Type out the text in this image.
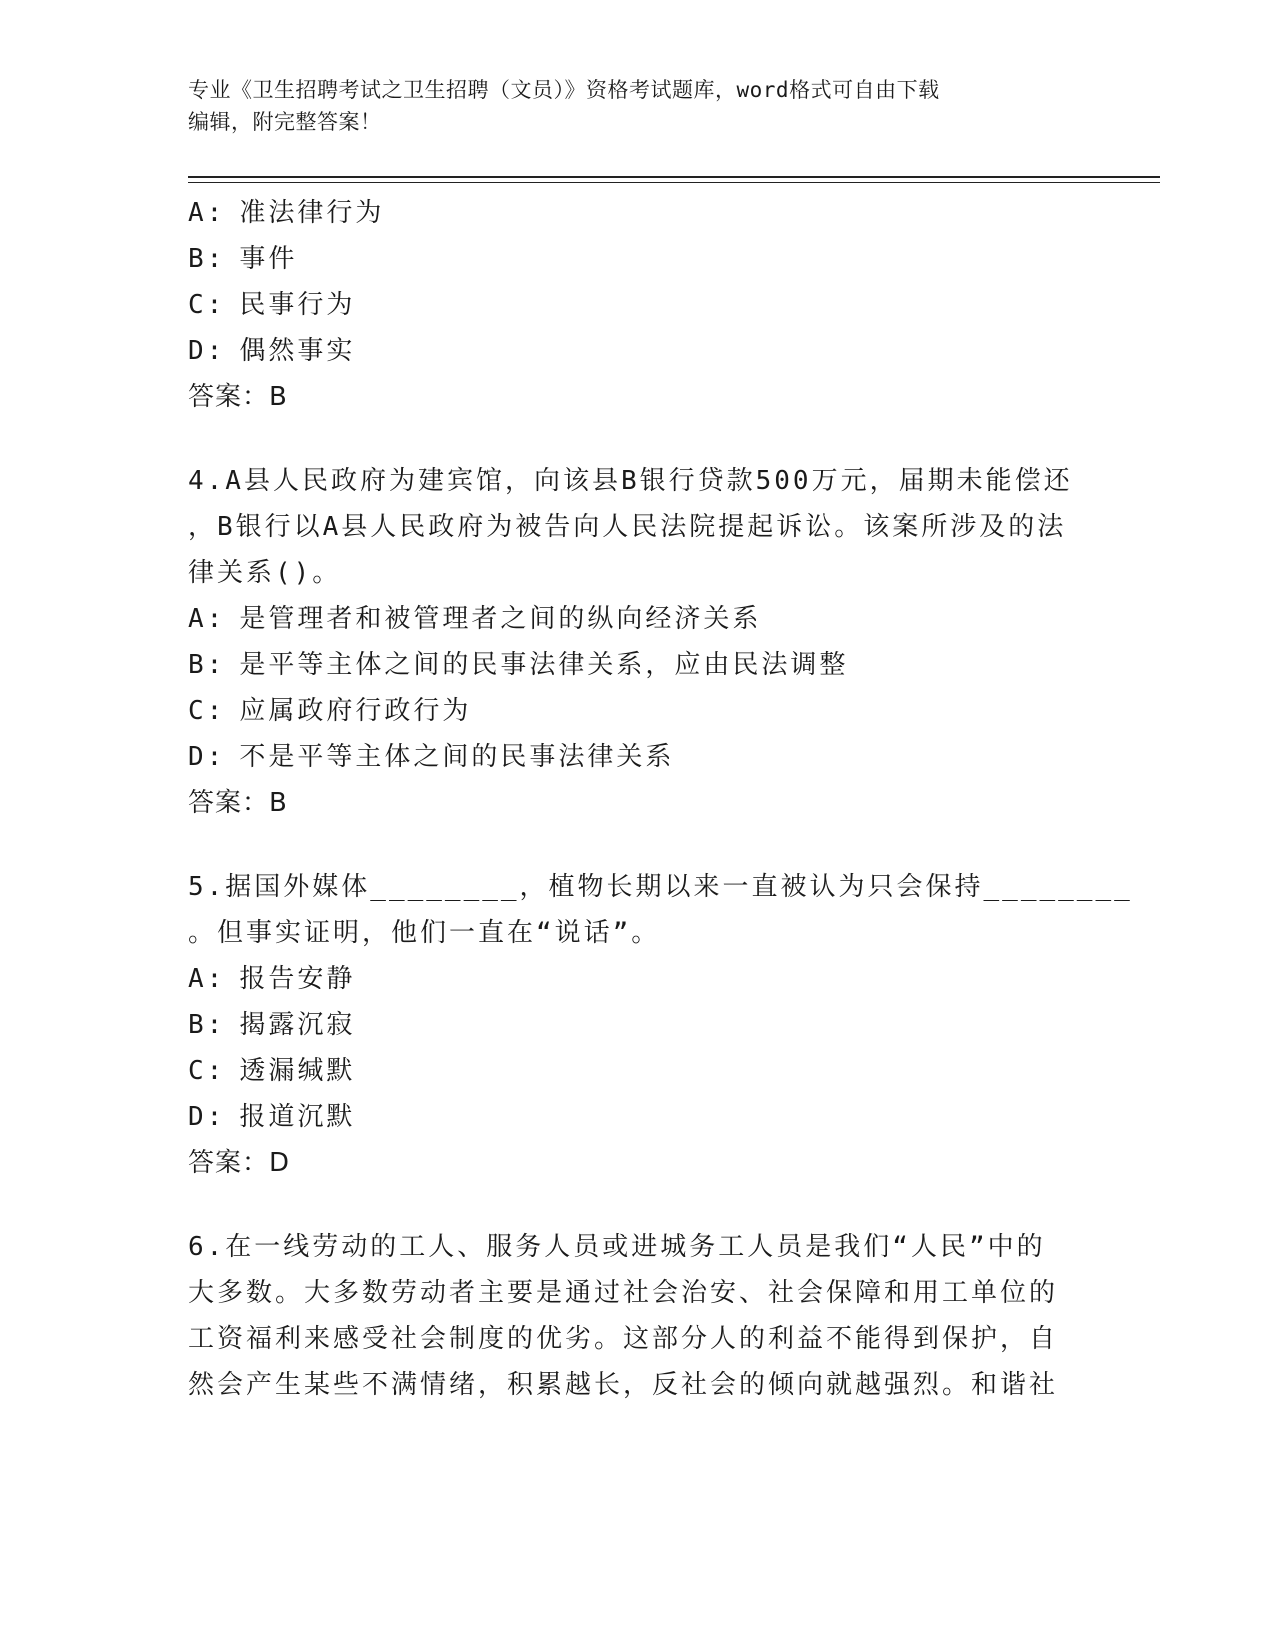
专业《卫生招聘考试之卫生招聘（文员）》资格考试题库，word格式可自由下载
编辑，附完整答案！
A: 准法律行为
B: 事件
C: 民事行为
D: 偶然事实
答案：B
4.A县人民政府为建宾馆，向该县B银行贷款500万元，届期未能偿还
，B银行以A县人民政府为被告向人民法院提起诉讼。该案所涉及的法
律关系()。
A: 是管理者和被管理者之间的纵向经济关系
B: 是平等主体之间的民事法律关系，应由民法调整
C: 应属政府行政行为
D: 不是平等主体之间的民事法律关系
答案：B
5.据国外媒体________，植物长期以来一直被认为只会保持________
。但事实证明，他们一直在“说话”。
A: 报告安静
B: 揭露沉寂
C: 透漏缄默
D: 报道沉默
答案：D
6.在一线劳动的工人、服务人员或进城务工人员是我们“人民”中的
大多数。大多数劳动者主要是通过社会治安、社会保障和用工单位的
工资福利来感受社会制度的优劣。这部分人的利益不能得到保护，自
然会产生某些不满情绪，积累越长，反社会的倾向就越强烈。和谐社
